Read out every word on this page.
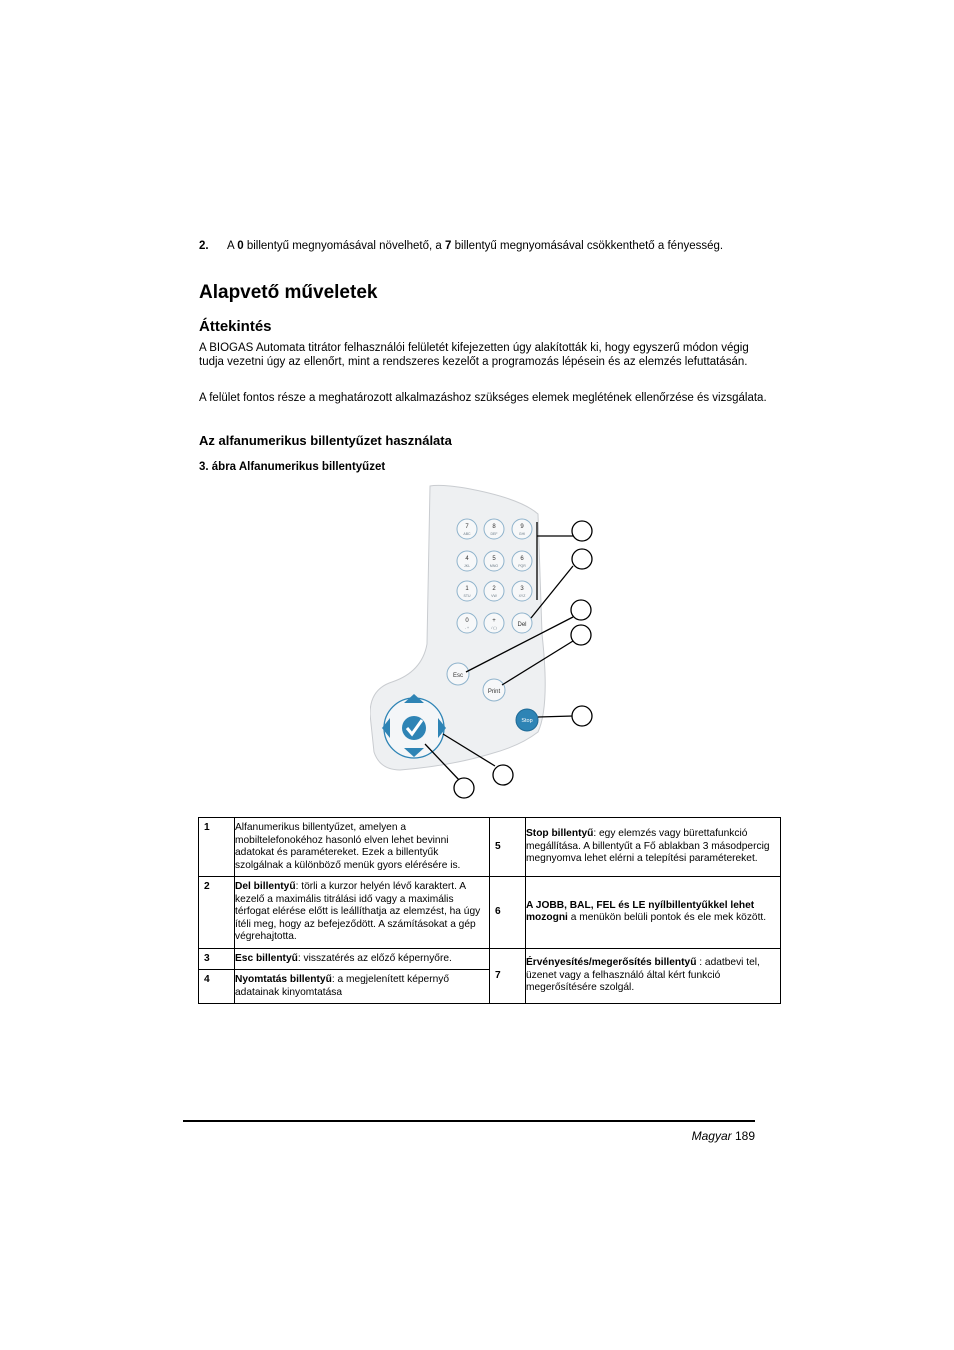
2. A 0 billentyű megnyomásával növelhető, a 7 billentyű megnyomásával csökkenthető a fényesség.
Alapvető műveletek
Áttekintés

A BIOGAS Automata titrátor felhasználói felületét kifejezetten úgy alakították ki, hogy egyszerű módon végig tudja vezetni úgy az ellenőrt, mint a rendszeres kezelőt a programozás lépésein és az elemzés lefuttatásán.

A felület fontos része a meghatározott alkalmazáshoz szükséges elemek meglétének ellenőrzése és vizsgálata.

Az alfanumerikus billentyűzet használata
3. ábra Alfanumerikus billentyűzet
7
ABC
8
DEF
9
GHI
4
JKL
5
MNO
6
PQR
1
STU
2
VW
3
XYZ
0
- +
+
/ ( )	Del
Esc
Print
Stop
1	Alfanumerikus billentyűzet, amelyen a mobiltelefonokéhoz hasonló elven lehet bevinni adatokat és paramétereket. Ezek a billentyűk szolgálnak a különböző menük gyors elérésére is.	5	Stop billentyű: egy elemzés vagy bürettafunkció megállítása. A billentyűt a Fő ablakban 3 másodpercig megnyomva lehet elérni a telepítési paramétereket.
2	Del billentyű: törli a kurzor helyén lévő karaktert. A kezelő a maximális titrálási idő vagy a maximális térfogat elérése előtt is leállíthatja az elemzést, ha úgy ítéli meg, hogy az befejeződött. A számításokat a gép végrehajtotta.	6	A JOBB, BAL, FEL és LE nyílbillentyűkkel lehet mozogni a menükön belüli pontok és ele mek között.
3	Esc billentyű: visszatérés az előző képernyőre.	7	Érvényesítés/megerősítés billentyű : adatbevi tel, üzenet vagy a felhasználó által kért funkció megerősítésére szolgál.
4	Nyomtatás billentyű: a megjelenített képernyő adatainak kinyomtatása		
Magyar 189
